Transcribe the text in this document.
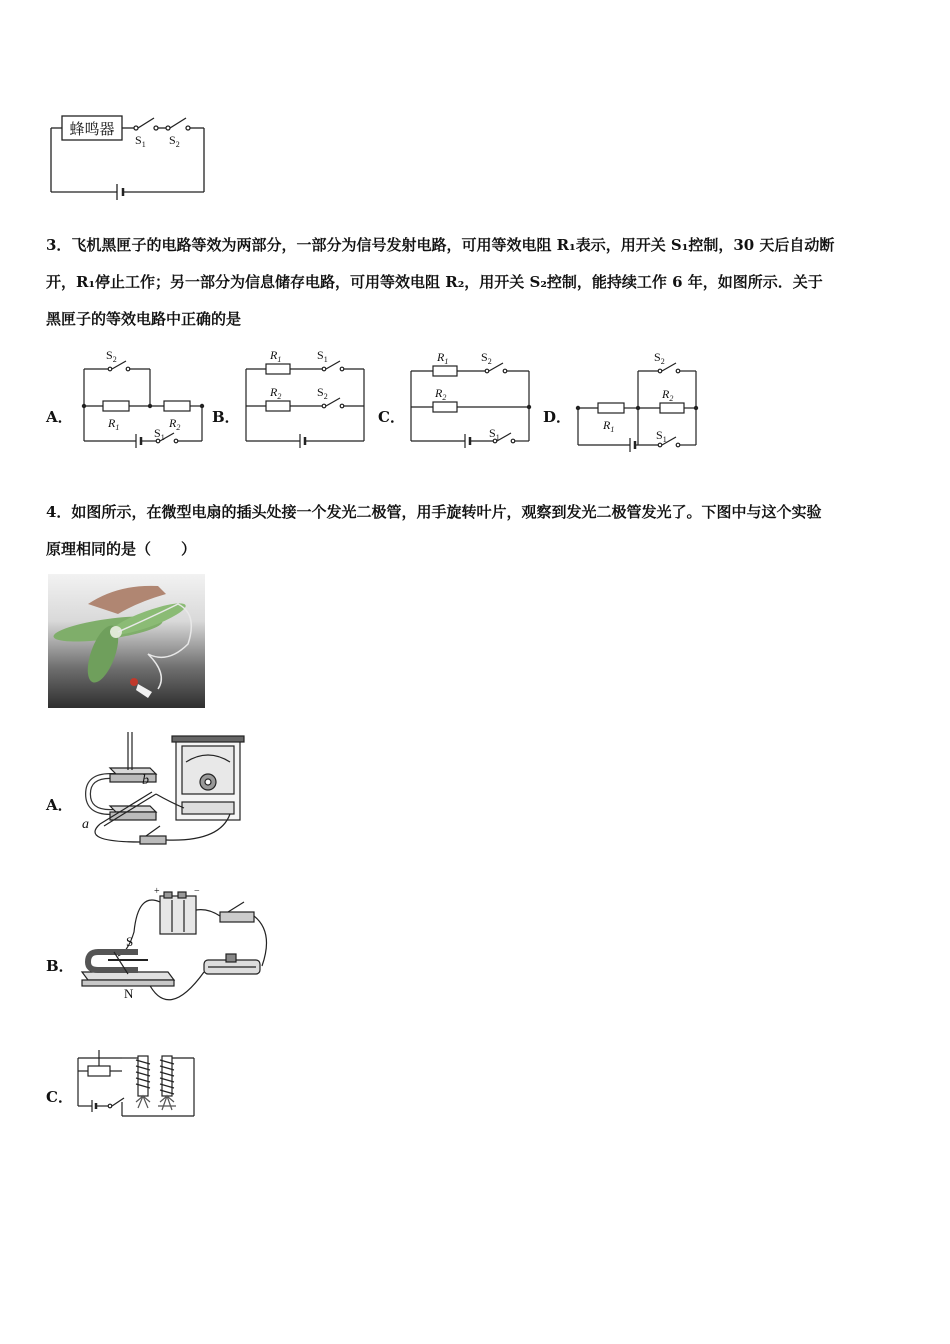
蜂鸣器
$S_1$ $S_2$
3．飞机黑匣子的电路等效为两部分，一部分为信号发射电路，可用等效电阻 R₁表示，用开关 S₁控制，30 天后自动断
开，R₁停止工作；另一部分为信息储存电路，可用等效电阻 R₂，用开关 S₂控制，能持续工作 6 年，如图所示．关于
黑匣子的等效电路中正确的是
A．	B．	C．	D．
$S_2$
$R_1$	$R_2$
$S_1$
$R_1$	$S_1$
$R_2$	$S_2$
$R_1$	$S_2$
$R_2$
$S_1$
$S_2$
$R_2$
$R_1$	$S_1$
4．如图所示，在微型电扇的插头处接一个发光二极管，用手旋转叶片，观察到发光二极管发光了。下图中与这个实验
原理相同的是（　　）
A．
a
b
B．
S
N
+	−
C．
